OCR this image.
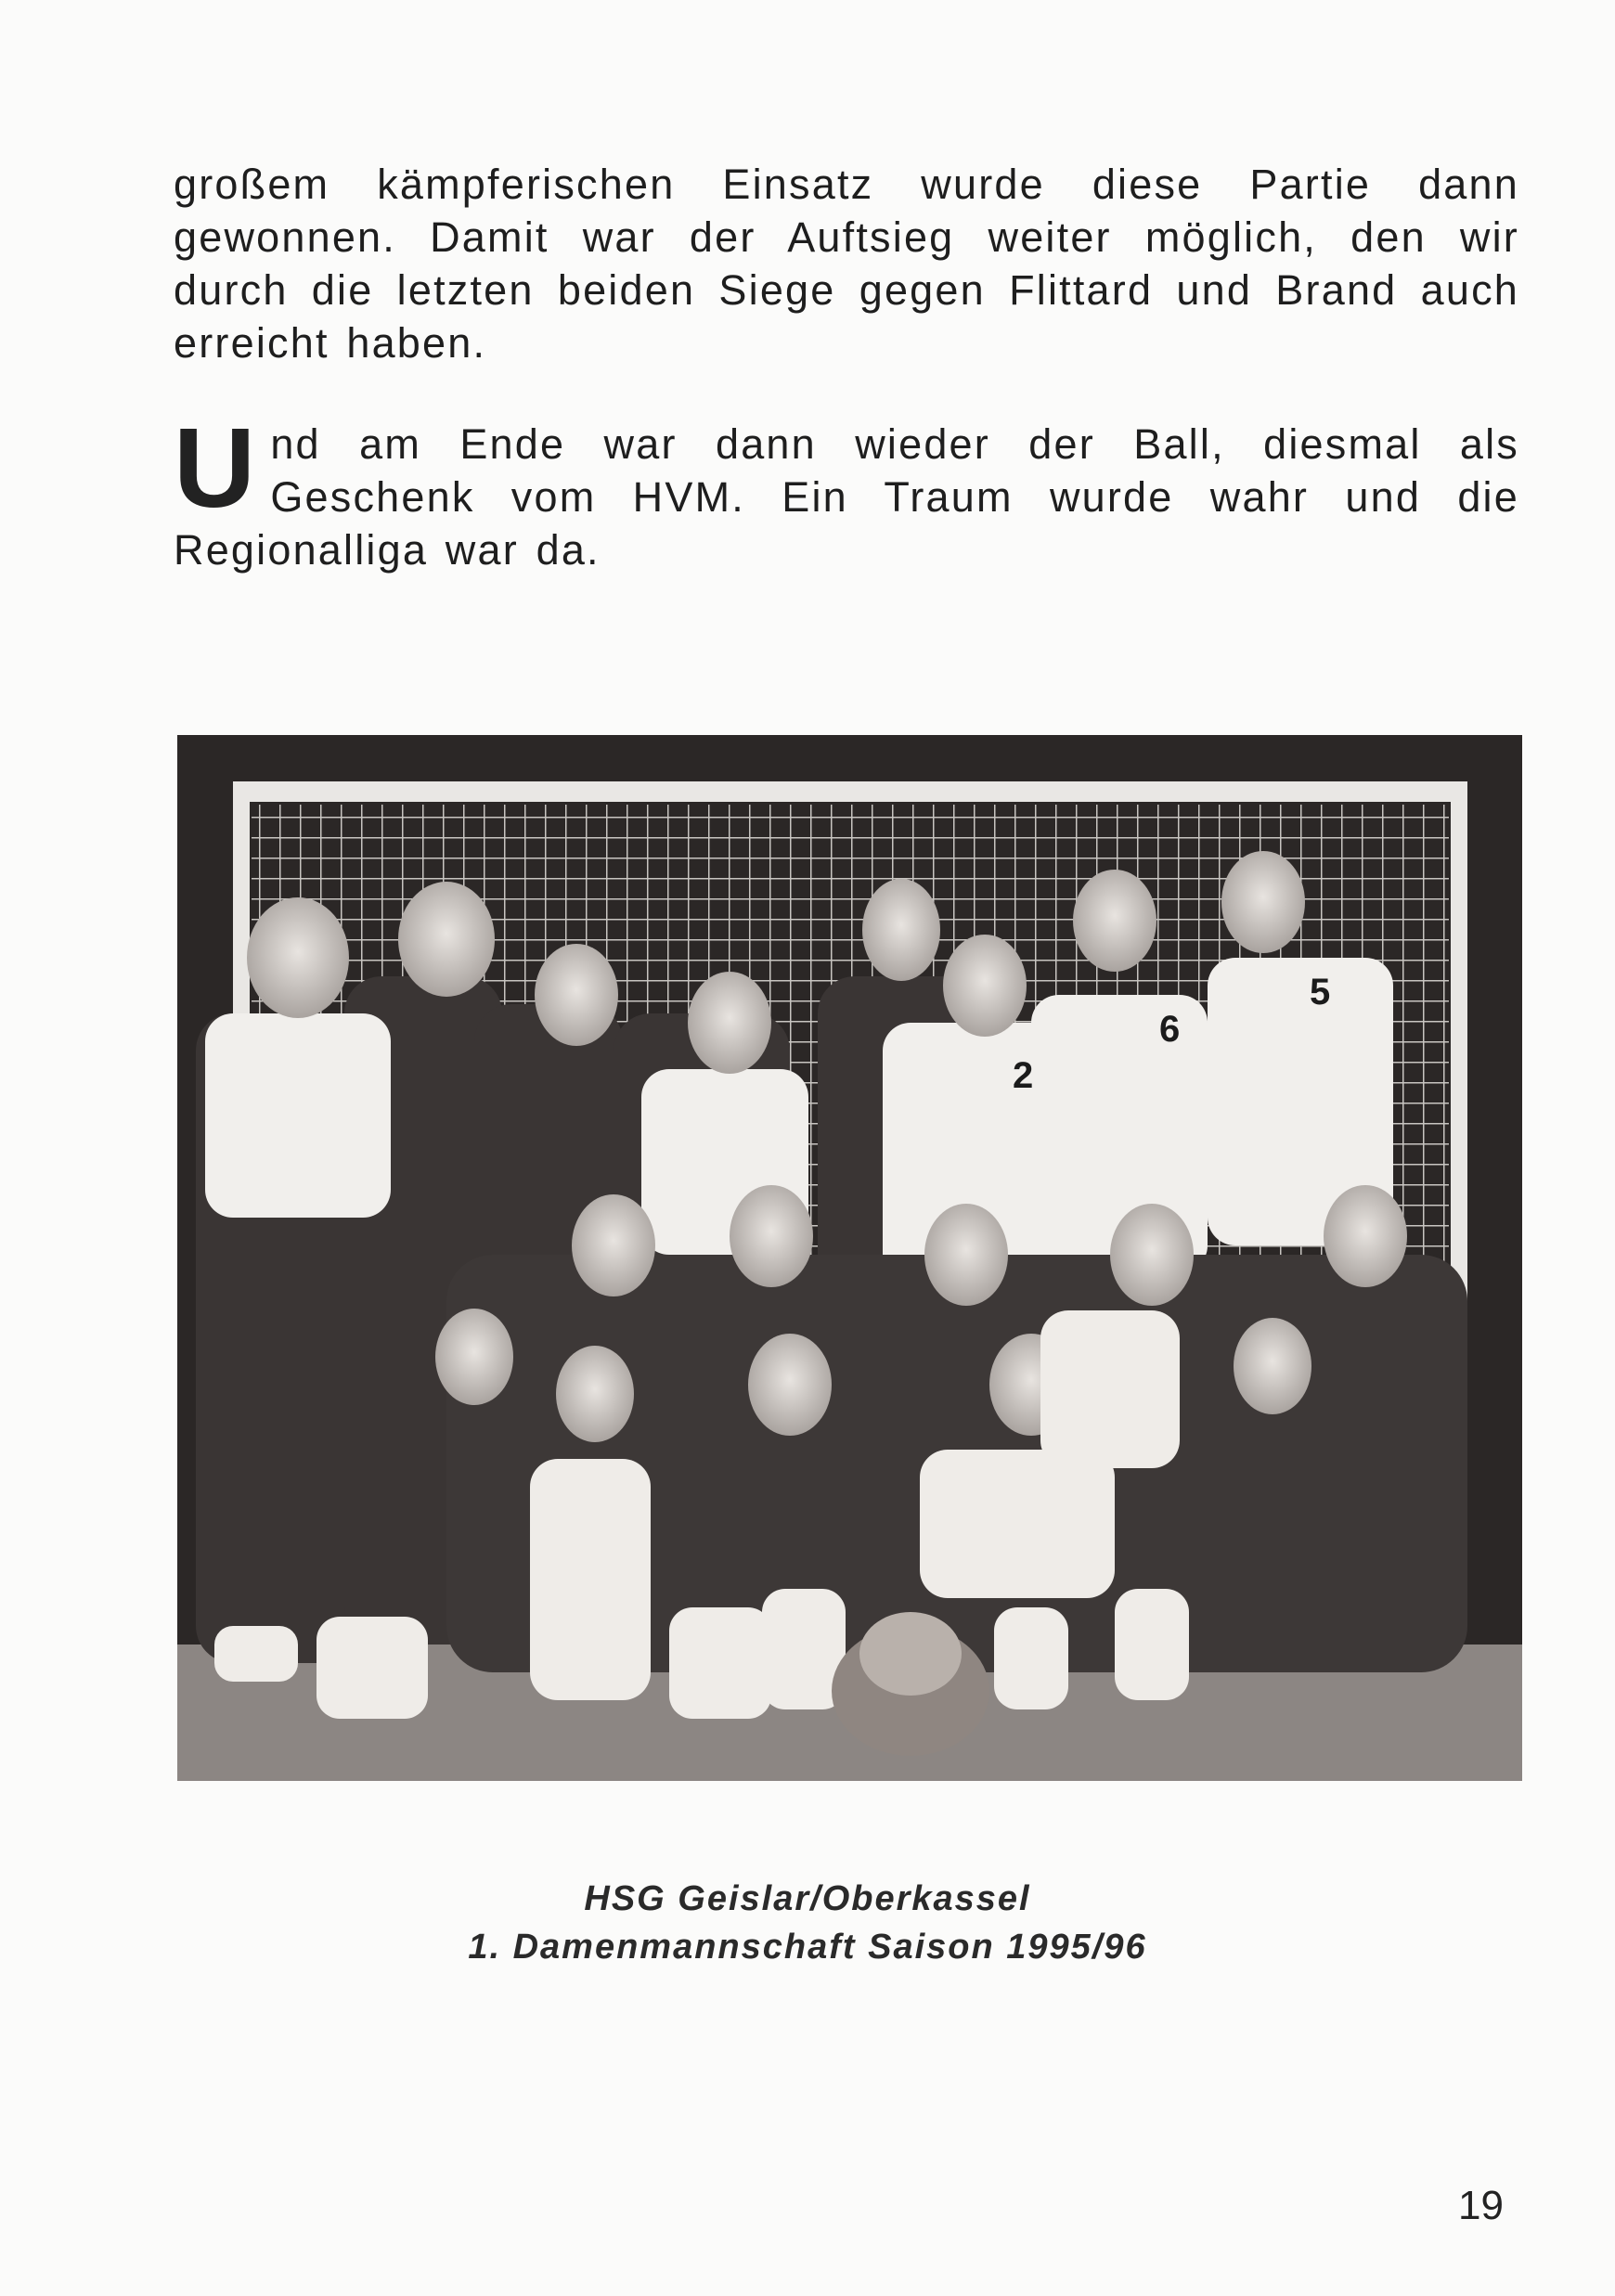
großem kämpferischen Einsatz wurde diese Partie dann
gewonnen. Damit war der Auftsieg weiter möglich, den wir
durch die letzten beiden Siege gegen Flittard und Brand auch
erreicht haben.
U nd am Ende war dann wieder der Ball, diesmal als
Geschenk vom HVM. Ein Traum wurde wahr und die
Regionalliga war da.
2
6
5
HSG Geislar/Oberkassel
1. Damenmannschaft Saison 1995/96
19
